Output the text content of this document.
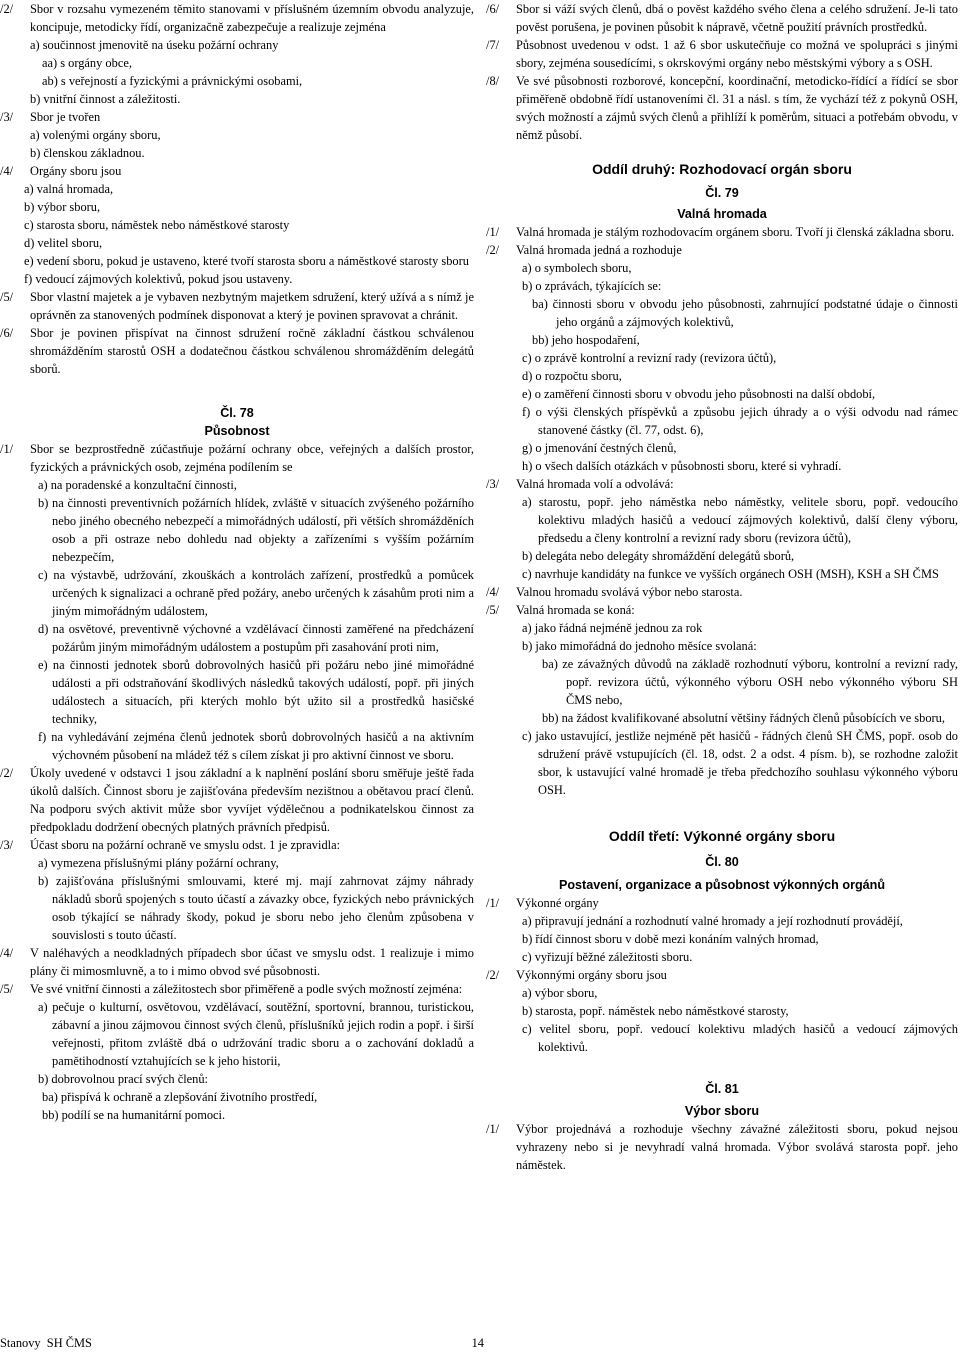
/2/ Sbor v rozsahu vymezeném těmito stanovami v příslušném územním obvodu analyzuje, koncipuje, metodicky řídí, organizačně zabezpečuje a realizuje zejména
a) součinnost jmenovitě na úseku požární ochrany
aa) s orgány obce,
ab) s veřejností a fyzickými a právnickými osobami,
b) vnitřní činnost a záležitosti.
/3/ Sbor je tvořen
a) volenými orgány sboru,
b) členskou základnou.
/4/ Orgány sboru jsou
a) valná hromada,
b) výbor sboru,
c) starosta sboru, náměstek nebo náměstkové starosty
d) velitel sboru,
e) vedení sboru, pokud je ustaveno, které tvoří starosta sboru a náměstkové starosty sboru
f) vedoucí zájmových kolektivů, pokud jsou ustaveny.
/5/ Sbor vlastní majetek a je vybaven nezbytným majetkem sdružení, který užívá a s nímž je oprávněn za stanovených podmínek disponovat a který je povinen spravovat a chránit.
/6/ Sbor je povinen přispívat na činnost sdružení ročně základní částkou schválenou shromážděním starostů OSH a dodatečnou částkou schválenou shromážděním delegátů sborů.
Čl. 78
Působnost
/1/ Sbor se bezprostředně zúčastňuje požární ochrany obce, veřejných a dalších prostor, fyzických a právnických osob, zejména podílením se
a) na poradenské a konzultační činnosti,
b) na činnosti preventivních požárních hlídek, zvláště v situacích zvýšeného požárního nebo jiného obecného nebezpečí a mimořádných událostí, při větších shromážděních osob a při ostraze nebo dohledu nad objekty a zařízeními s vyšším požárním nebezpečím,
c) na výstavbě, udržování, zkouškách a kontrolách zařízení, prostředků a pomůcek určených k signalizaci a ochraně před požáry, anebo určených k zásahům proti nim a jiným mimořádným událostem,
d) na osvětové, preventivně výchovné a vzdělávací činnosti zaměřené na předcházení požárům jiným mimořádným událostem a postupům při zasahování proti nim,
e) na činnosti jednotek sborů dobrovolných hasičů při požáru nebo jiné mimořádné události a při odstraňování škodlivých následků takových událostí, popř. při jiných událostech a situacích, při kterých mohlo být užito sil a prostředků hasičské techniky,
f) na vyhledávání zejména členů jednotek sborů dobrovolných hasičů a na aktivním výchovném působení na mládež též s cílem získat ji pro aktivní činnost ve sboru.
/2/ Úkoly uvedené v odstavci 1 jsou základní a k naplnění poslání sboru směřuje ještě řada úkolů dalších. Činnost sboru je zajišťována především nezištnou a obětavou prací členů. Na podporu svých aktivit může sbor vyvíjet výdělečnou a podnikatelskou činnost za předpokladu dodržení obecných platných právních předpisů.
/3/ Účast sboru na požární ochraně ve smyslu odst. 1 je zpravidla:
a) vymezena příslušnými plány požární ochrany,
b) zajišťována příslušnými smlouvami, které mj. mají zahrnovat zájmy náhrady nákladů sborů spojených s touto účastí a závazky obce, fyzických nebo právnických osob týkající se náhrady škody, pokud je sboru nebo jeho členům způsobena v souvislosti s touto účastí.
/4/ V naléhavých a neodkladných případech sbor účast ve smyslu odst. 1 realizuje i mimo plány či mimosmluvně, a to i mimo obvod své působnosti.
/5/ Ve své vnitřní činnosti a záležitostech sbor přiměřeně a podle svých možností zejména:
a) pečuje o kulturní, osvětovou, vzdělávací, soutěžní, sportovní, brannou, turistickou, zábavní a jinou zájmovou činnost svých členů, příslušníků jejich rodin a popř. i širší veřejnosti, přitom zvláště dbá o udržování tradic sboru a o zachování dokladů a pamětihodností vztahujících se k jeho historii,
b) dobrovolnou prací svých členů:
ba) přispívá k ochraně a zlepšování životního prostředí,
bb) podílí se na humanitární pomoci.
/6/ Sbor si váží svých členů, dbá o pověst každého svého člena a celého sdružení. Je-li tato pověst porušena, je povinen působit k nápravě, včetně použití právních prostředků.
/7/ Působnost uvedenou v odst. 1 až 6 sbor uskutečňuje co možná ve spolupráci s jinými sbory, zejména sousedícími, s okrskovými orgány nebo městskými výbory a s OSH.
/8/ Ve své působnosti rozborové, koncepční, koordinační, metodicko-řídící a řídící se sbor přiměřeně obdobně řídí ustanoveními čl. 31 a násl. s tím, že vychází též z pokynů OSH, svých možností a zájmů svých členů a přihlíží k poměrům, situaci a potřebám obvodu, v němž působí.
Oddíl druhý: Rozhodovací orgán sboru
Čl. 79
Valná hromada
/1/ Valná hromada je stálým rozhodovacím orgánem sboru. Tvoří ji členská základna sboru.
/2/ Valná hromada jedná a rozhoduje
a) o symbolech sboru,
b) o zprávách, týkajících se:
ba) činnosti sboru v obvodu jeho působnosti, zahrnující podstatné údaje o činnosti jeho orgánů a zájmových kolektivů,
bb) jeho hospodaření,
c) o zprávě kontrolní a revizní rady (revizora účtů),
d) o rozpočtu sboru,
e) o zaměření činnosti sboru v obvodu jeho působnosti na další období,
f) o výši členských příspěvků a způsobu jejich úhrady a o výši odvodu nad rámec stanovené částky (čl. 77, odst. 6),
g) o jmenování čestných členů,
h) o všech dalších otázkách v působnosti sboru, které si vyhradí.
/3/ Valná hromada volí a odvolává:
a) starostu, popř. jeho náměstka nebo náměstky, velitele sboru, popř. vedoucího kolektivu mladých hasičů a vedoucí zájmových kolektivů, další členy výboru, předsedu a členy kontrolní a revizní rady sboru (revizora účtů),
b) delegáta nebo delegáty shromáždění delegátů sborů,
c) navrhuje kandidáty na funkce ve vyšších orgánech OSH (MSH), KSH a SH ČMS
/4/ Valnou hromadu svolává výbor nebo starosta.
/5/ Valná hromada se koná:
a) jako řádná nejméně jednou za rok
b) jako mimořádná do jednoho měsíce svolaná:
ba) ze závažných důvodů na základě rozhodnutí výboru, kontrolní a revizní rady, popř. revizora účtů, výkonného výboru OSH nebo výkonného výboru SH ČMS nebo,
bb) na žádost kvalifikované absolutní většiny řádných členů působících ve sboru,
c) jako ustavující, jestliže nejméně pět hasičů - řádných členů SH ČMS, popř. osob do sdružení právě vstupujících (čl. 18, odst. 2 a odst. 4 písm. b), se rozhodne založit sbor, k ustavující valné hromadě je třeba předchozího souhlasu výkonného výboru OSH.
Oddíl třetí: Výkonné orgány sboru
Čl. 80
Postavení, organizace a působnost výkonných orgánů
/1/ Výkonné orgány
a) připravují jednání a rozhodnutí valné hromady a její rozhodnutí provádějí,
b) řídí činnost sboru v době mezi konáním valných hromad,
c) vyřizují běžné záležitosti sboru.
/2/ Výkonnými orgány sboru jsou
a) výbor sboru,
b) starosta, popř. náměstek nebo náměstkové starosty,
c) velitel sboru, popř. vedoucí kolektivu mladých hasičů a vedoucí zájmových kolektivů.
Čl. 81
Výbor sboru
/1/ Výbor projednává a rozhoduje všechny závažné záležitosti sboru, pokud nejsou vyhrazeny nebo si je nevyhradí valná hromada. Výbor svolává starosta popř. jeho náměstek.
Stanovy  SH ČMS	14
